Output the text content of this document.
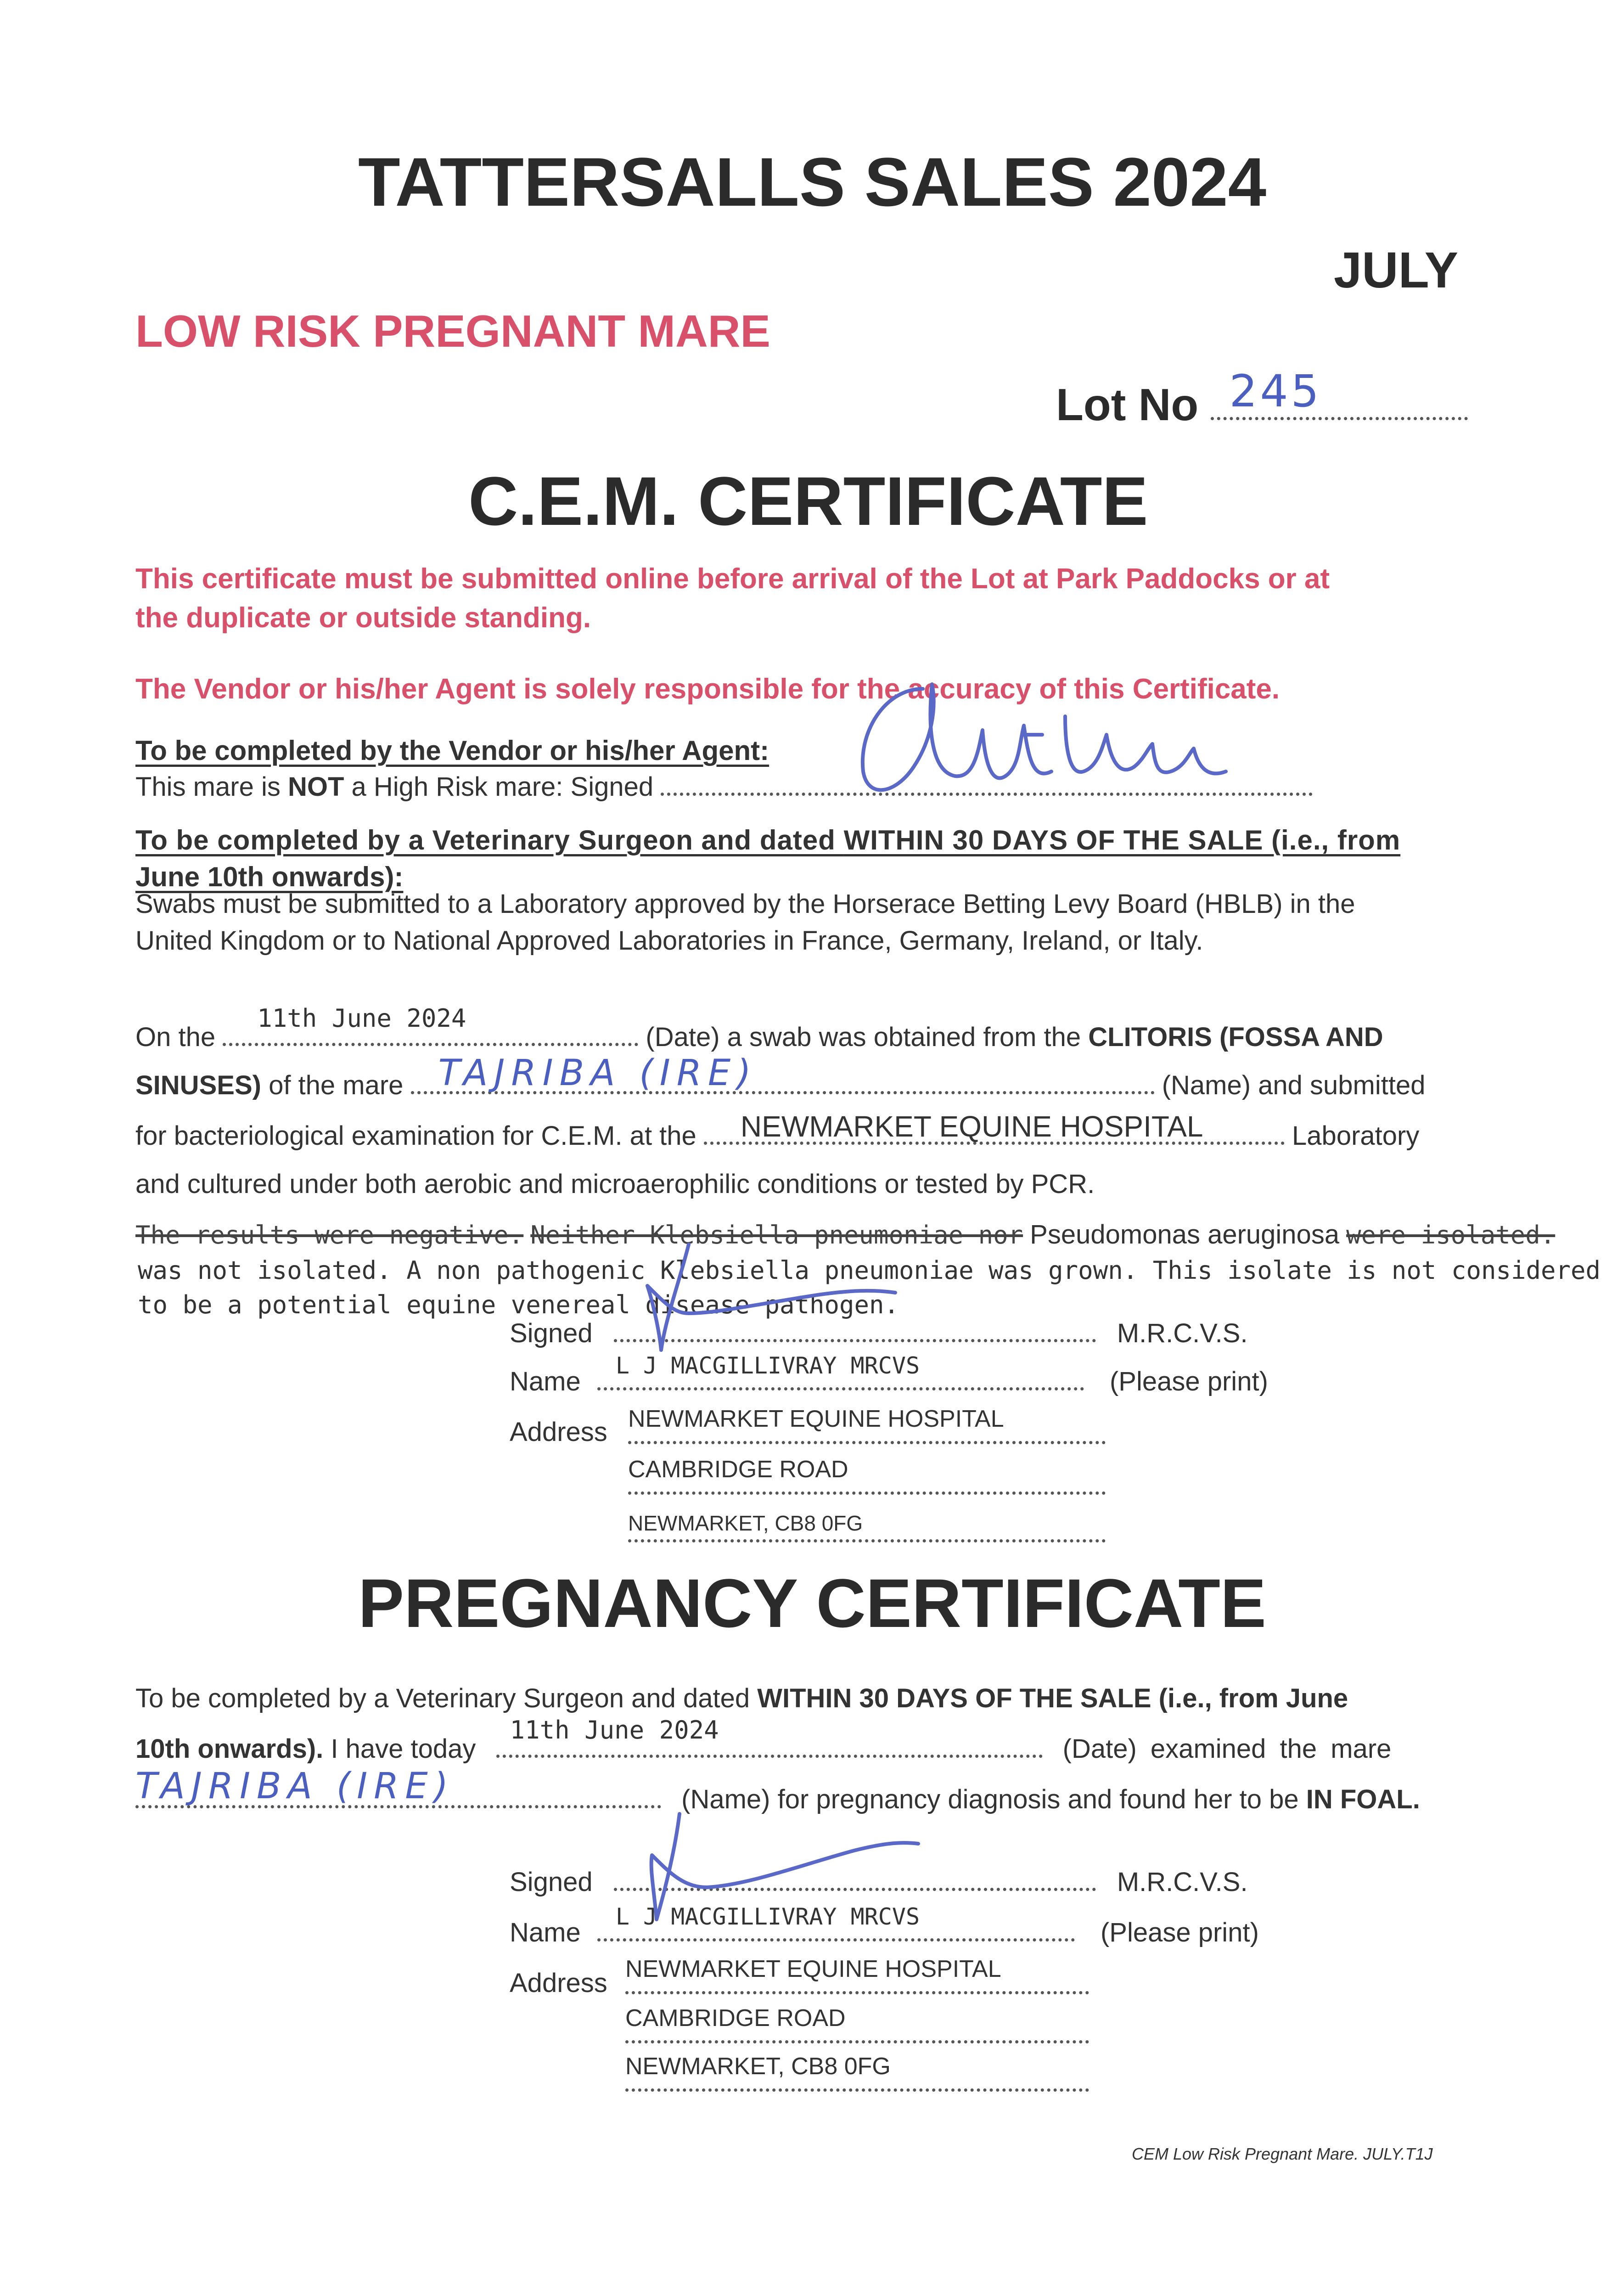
TATTERSALLS SALES 2024
JULY
LOW RISK PREGNANT MARE
Lot No 245
C.E.M. CERTIFICATE
This certificate must be submitted online before arrival of the Lot at Park Paddocks or at
the duplicate or outside standing.
The Vendor or his/her Agent is solely responsible for the accuracy of this Certificate.
To be completed by the Vendor or his/her Agent:
This mare is NOT a High Risk mare: Signed
To be completed by a Veterinary Surgeon and dated WITHIN 30 DAYS OF THE SALE (i.e., from
June 10th onwards):
Swabs must be submitted to a Laboratory approved by the Horserace Betting Levy Board (HBLB) in the
United Kingdom or to National Approved Laboratories in France, Germany, Ireland, or Italy.
On the
11th June 2024
(Date) a swab was obtained from the CLITORIS (FOSSA AND
SINUSES) of the mare TAJRIBA (IRE)	(Name) and submitted
for bacteriological examination for C.E.M. at the NEWMARKET EQUINE HOSPITAL	Laboratory
and cultured under both aerobic and microaerophilic conditions or tested by PCR.
The results were negative. Neither Klebsiella pneumoniae nor Pseudomonas aeruginosa were isolated.
was not isolated. A non pathogenic Klebsiella pneumoniae was grown. This isolate is not considered
to be a potential equine venereal disease pathogen.
Signed	M.R.C.V.S.
Name
L J MACGILLIVRAY MRCVS
(Please print)
Address NEWMARKET EQUINE HOSPITAL
CAMBRIDGE ROAD
NEWMARKET, CB8 0FG
PREGNANCY CERTIFICATE
To be completed by a Veterinary Surgeon and dated WITHIN 30 DAYS OF THE SALE (i.e., from June
10th onwards). I have today
11th June 2024
(Date) examined the mare
TAJRIBA (IRE)	(Name) for pregnancy diagnosis and found her to be IN FOAL.
Signed	M.R.C.V.S.
Name
L J MACGILLIVRAY MRCVS
(Please print)
Address NEWMARKET EQUINE HOSPITAL
CAMBRIDGE ROAD
NEWMARKET, CB8 0FG
CEM Low Risk Pregnant Mare. JULY.T1J
